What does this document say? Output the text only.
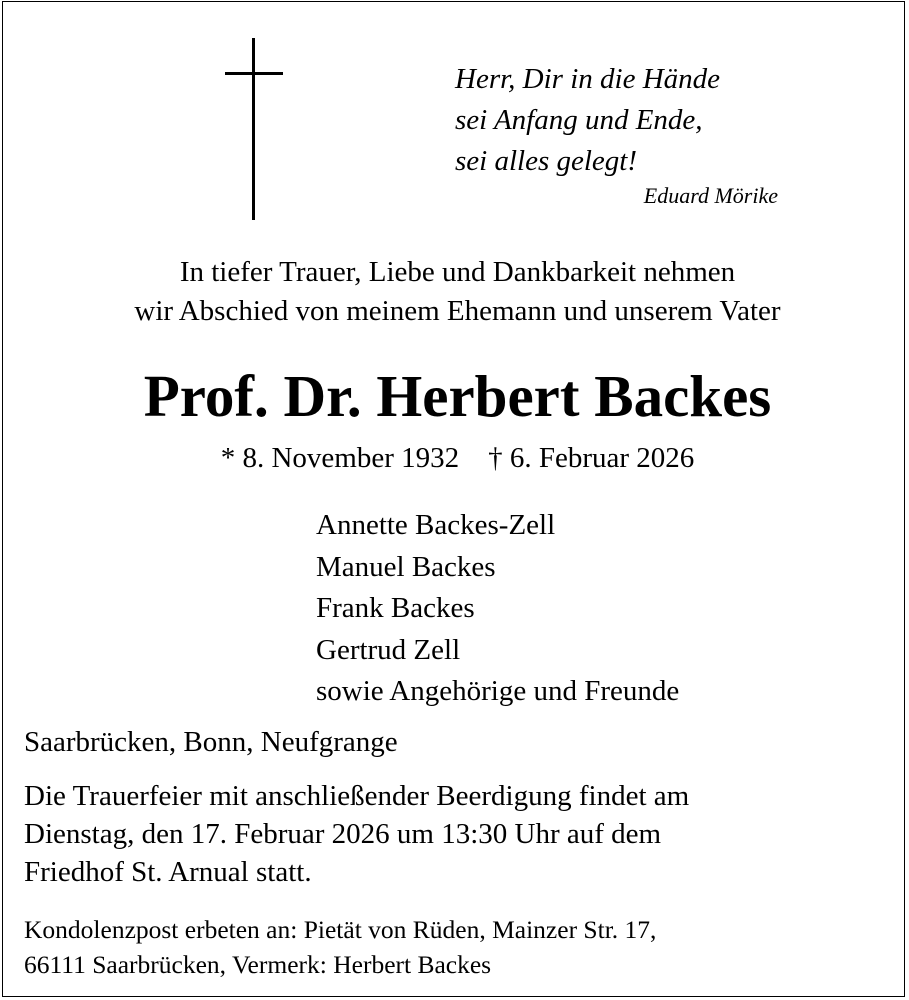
Herr, Dir in die Hände
sei Anfang und Ende,
sei alles gelegt!
Eduard Mörike
In tiefer Trauer, Liebe und Dankbarkeit nehmen
wir Abschied von meinem Ehemann und unserem Vater
Prof. Dr. Herbert Backes
* 8. November 1932    † 6. Februar 2026
Annette Backes-Zell
Manuel Backes
Frank Backes
Gertrud Zell
sowie Angehörige und Freunde
Saarbrücken, Bonn, Neufgrange
Die Trauerfeier mit anschließender Beerdigung findet am
Dienstag, den 17. Februar 2026 um 13:30 Uhr auf dem
Friedhof St. Arnual statt.
Kondolenzpost erbeten an: Pietät von Rüden, Mainzer Str. 17,
66111 Saarbrücken, Vermerk: Herbert Backes
